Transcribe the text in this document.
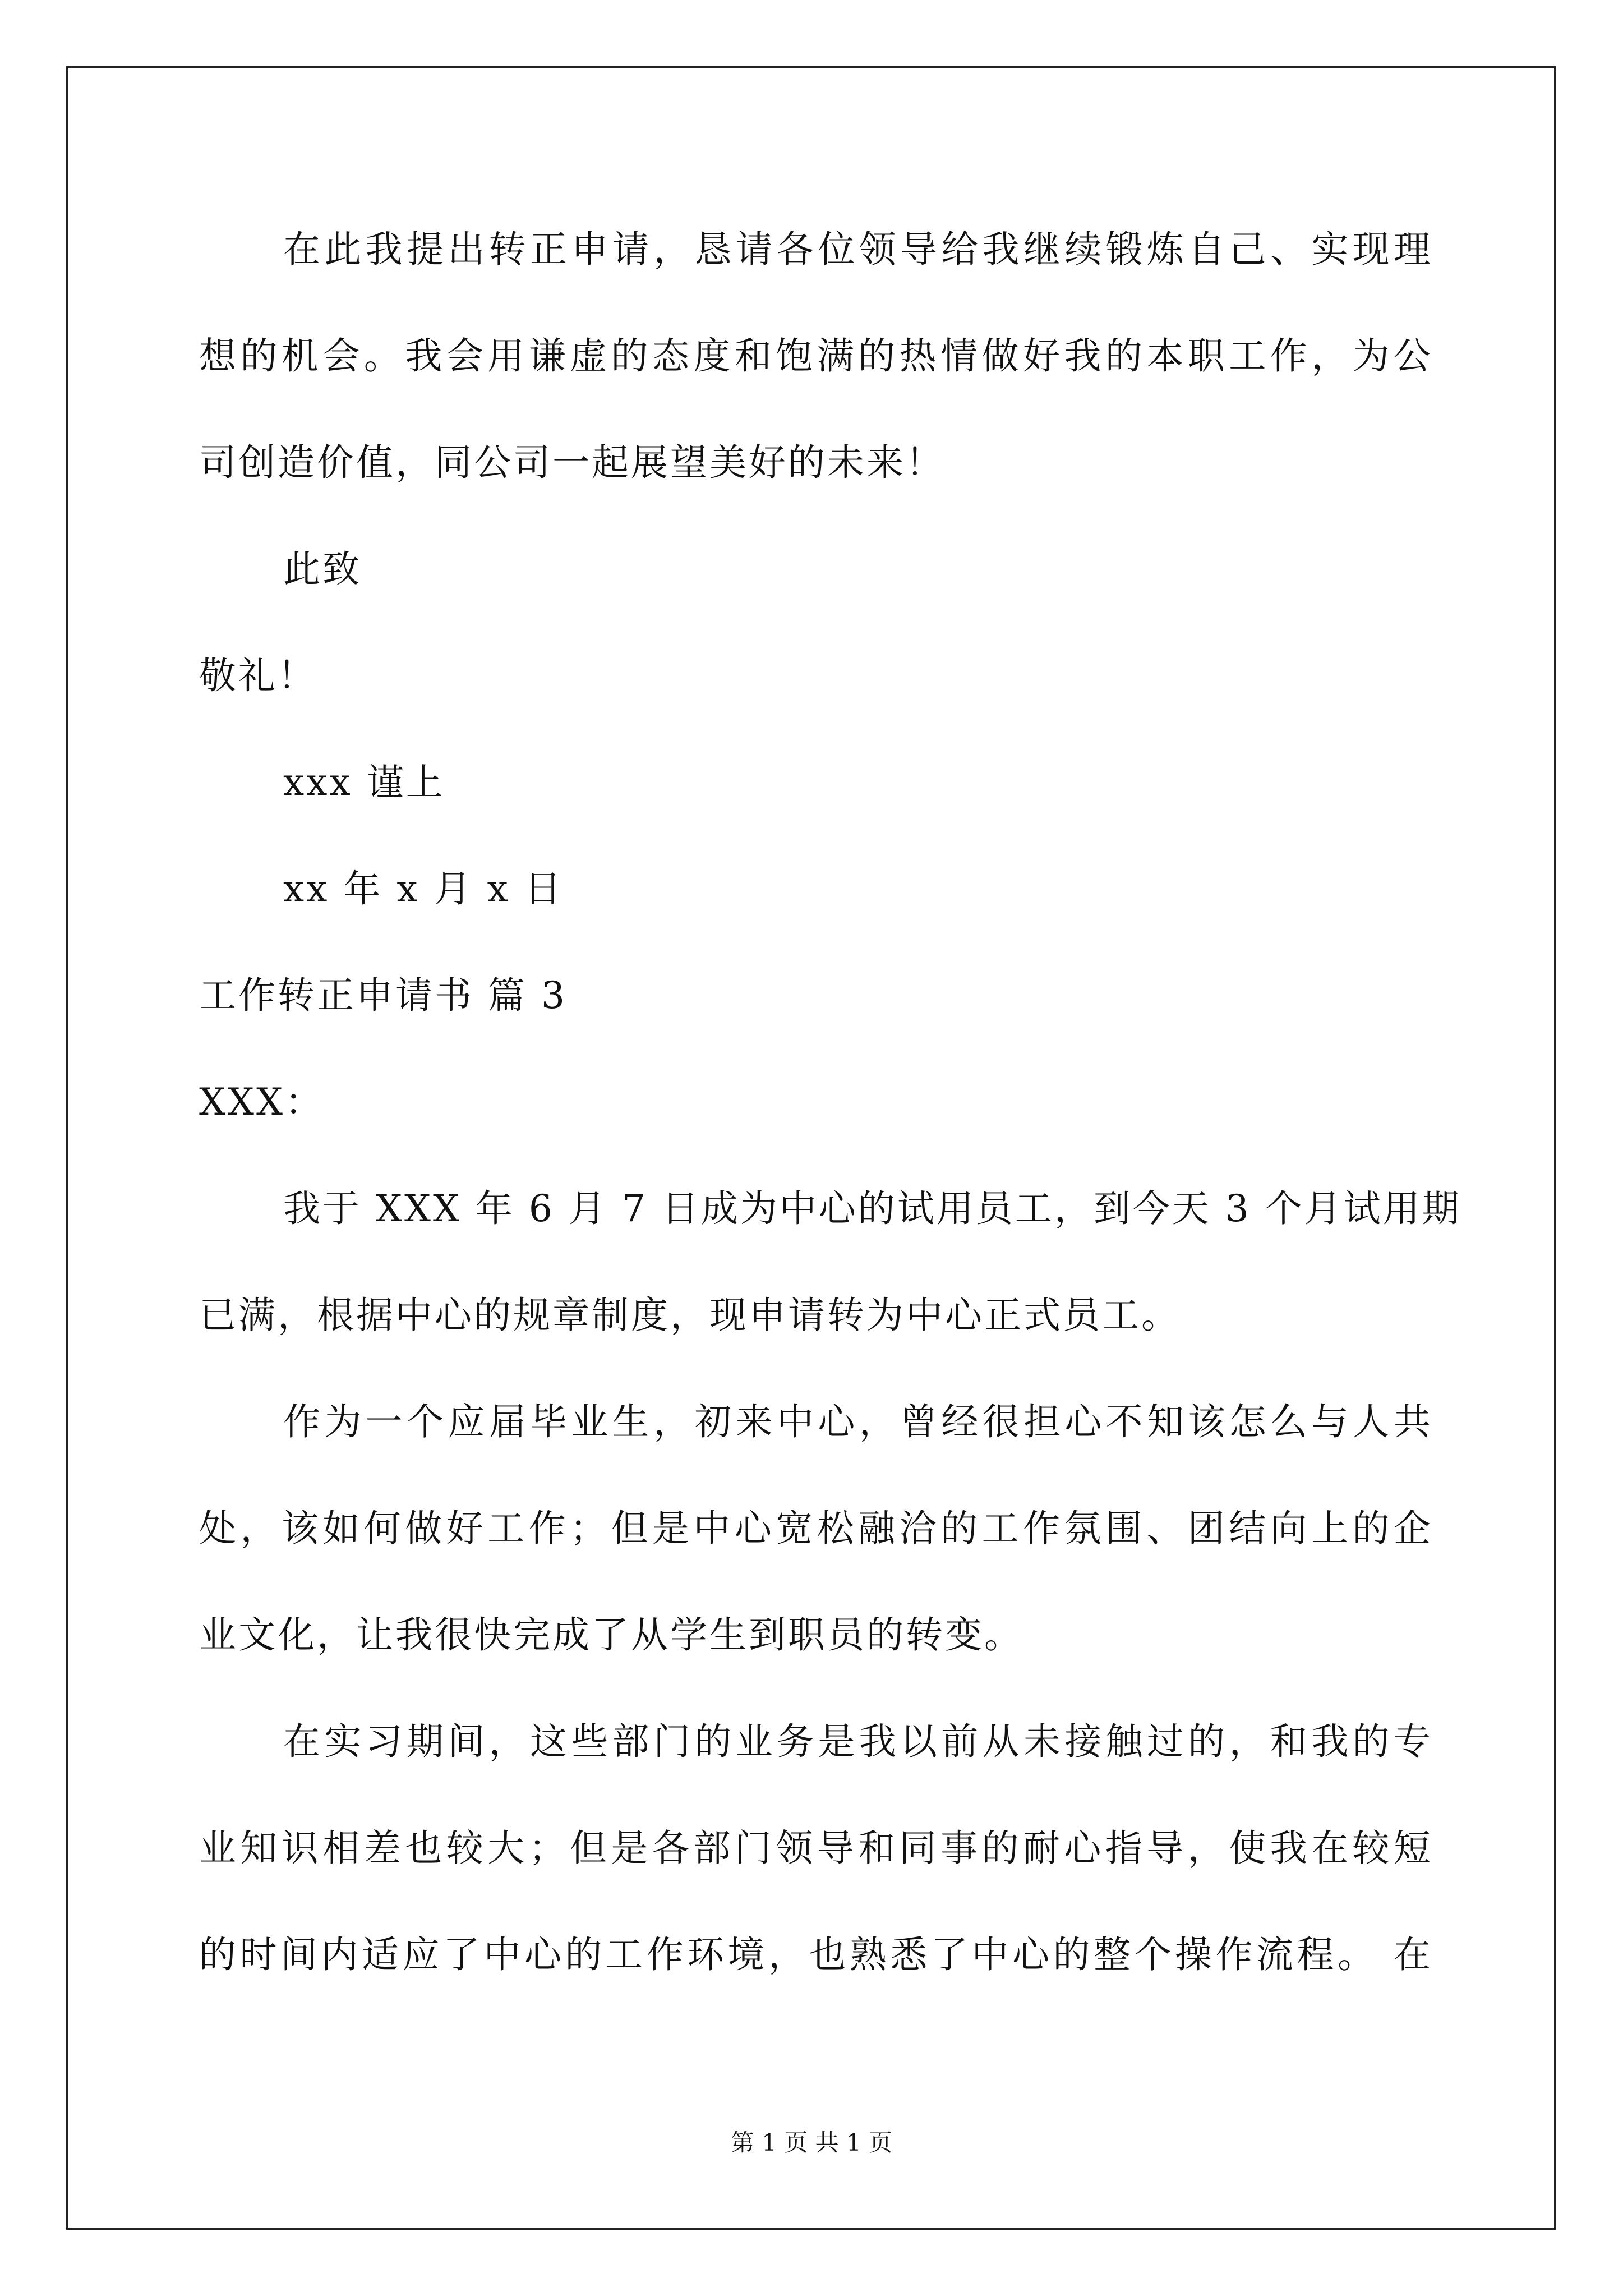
在此我提出转正申请，恳请各位领导给我继续锻炼自己、实现理
想的机会。我会用谦虚的态度和饱满的热情做好我的本职工作，为公
司创造价值，同公司一起展望美好的未来！
此致
敬礼！
xxx 谨上
xx 年 x 月 x 日
工作转正申请书 篇 3
XXX：
我于 XXX 年 6 月 7 日成为中心的试用员工，到今天 3 个月试用期
已满，根据中心的规章制度，现申请转为中心正式员工。
作为一个应届毕业生，初来中心，曾经很担心不知该怎么与人共
处，该如何做好工作；但是中心宽松融洽的工作氛围、团结向上的企
业文化，让我很快完成了从学生到职员的转变。
在实习期间，这些部门的业务是我以前从未接触过的，和我的专
业知识相差也较大；但是各部门领导和同事的耐心指导，使我在较短
的时间内适应了中心的工作环境，也熟悉了中心的整个操作流程。 在
第 1 页 共 1 页
